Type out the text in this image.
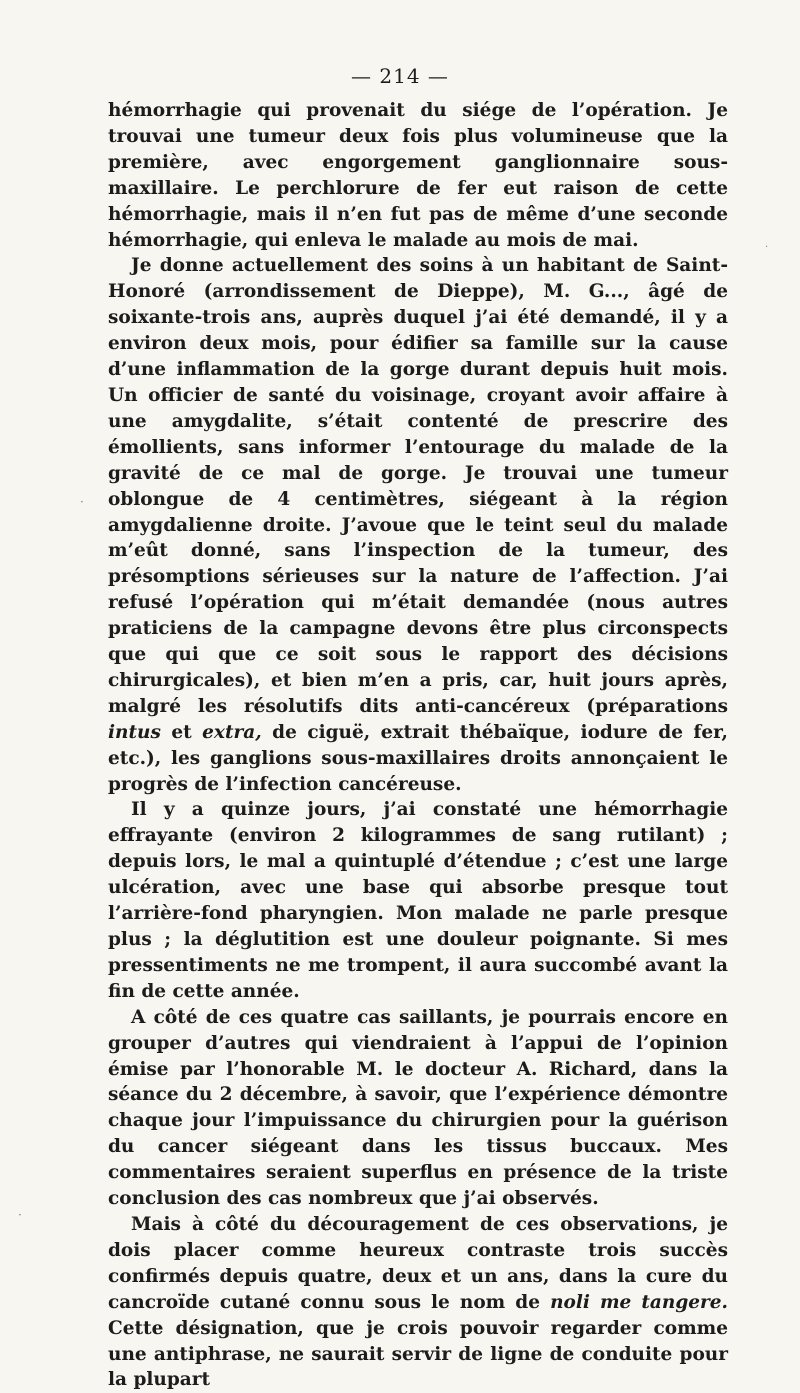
— 214 —

hémorrhagie qui provenait du siége de l’opération. Je trouvai une tumeur deux fois plus volumineuse que la première, avec engorgement ganglionnaire sous-maxillaire. Le perchlorure de fer eut raison de cette hémorrhagie, mais il n’en fut pas de même d’une seconde hémorrhagie, qui enleva le malade au mois de mai.

Je donne actuellement des soins à un habitant de Saint-Honoré (arrondissement de Dieppe), M. G..., âgé de soixante-trois ans, auprès duquel j’ai été demandé, il y a environ deux mois, pour édifier sa famille sur la cause d’une inflammation de la gorge durant depuis huit mois. Un officier de santé du voisinage, croyant avoir affaire à une amygdalite, s’était contenté de prescrire des émollients, sans informer l’entourage du malade de la gravité de ce mal de gorge. Je trouvai une tumeur oblongue de 4 centimètres, siégeant à la région amygdalienne droite. J’avoue que le teint seul du malade m’eût donné, sans l’inspection de la tumeur, des présomptions sérieuses sur la nature de l’affection. J’ai refusé l’opération qui m’était demandée (nous autres praticiens de la campagne devons être plus circonspects que qui que ce soit sous le rapport des décisions chirurgicales), et bien m’en a pris, car, huit jours après, malgré les résolutifs dits anti-cancéreux (préparations intus et extra, de ciguë, extrait thébaïque, iodure de fer, etc.), les ganglions sous-maxillaires droits annonçaient le progrès de l’infection cancéreuse.

Il y a quinze jours, j’ai constaté une hémorrhagie effrayante (environ 2 kilogrammes de sang rutilant) ; depuis lors, le mal a quintuplé d’étendue ; c’est une large ulcération, avec une base qui absorbe presque tout l’arrière-fond pharyngien. Mon malade ne parle presque plus ; la déglutition est une douleur poignante. Si mes pressentiments ne me trompent, il aura succombé avant la fin de cette année.

A côté de ces quatre cas saillants, je pourrais encore en grouper d’autres qui viendraient à l’appui de l’opinion émise par l’honorable M. le docteur A. Richard, dans la séance du 2 décembre, à savoir, que l’expérience démontre chaque jour l’impuissance du chirurgien pour la guérison du cancer siégeant dans les tissus buccaux. Mes commentaires seraient superflus en présence de la triste conclusion des cas nombreux que j’ai observés.

Mais à côté du découragement de ces observations, je dois placer comme heureux contraste trois succès confirmés depuis quatre, deux et un ans, dans la cure du cancroïde cutané connu sous le nom de noli me tangere. Cette désignation, que je crois pouvoir regarder comme une antiphrase, ne saurait servir de ligne de conduite pour la plupart

·
·
·
